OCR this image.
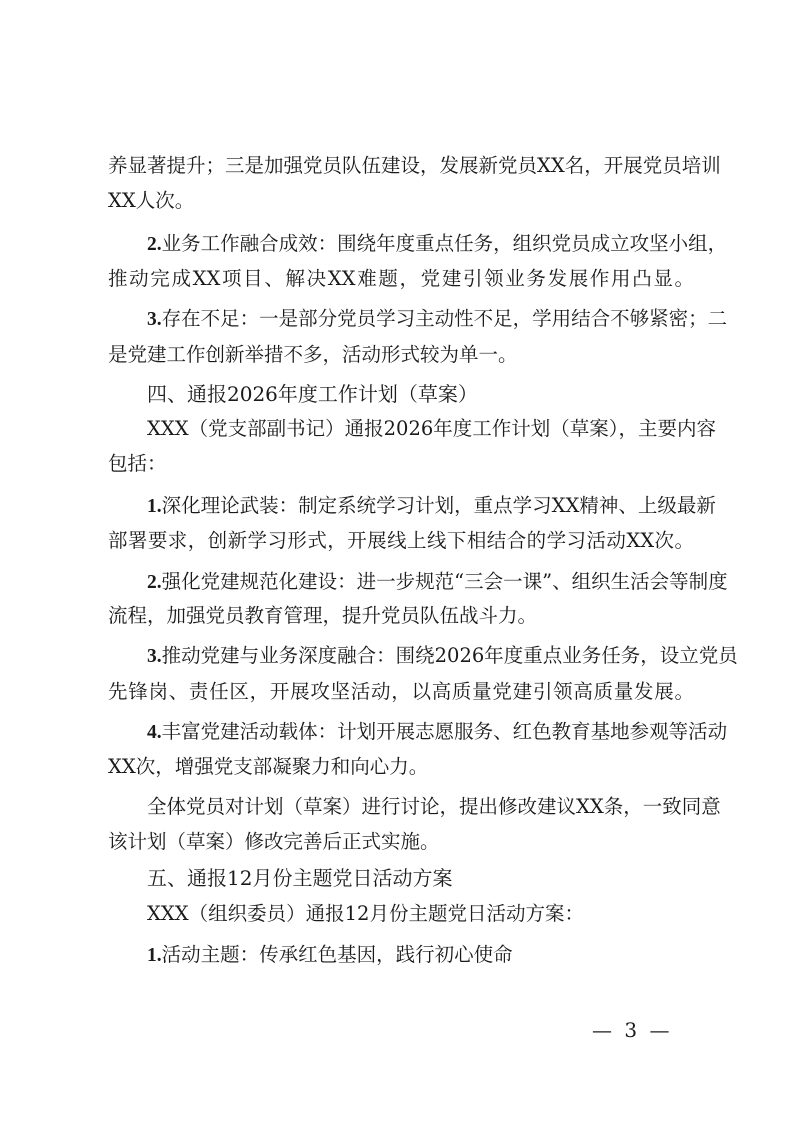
养显著提升；三是加强党员队伍建设，发展新党员XX名，开展党员培训

XX人次。

2.业务工作融合成效：围绕年度重点任务，组织党员成立攻坚小组，

推动完成XX项目、解决XX难题，党建引领业务发展作用凸显。

3.存在不足：一是部分党员学习主动性不足，学用结合不够紧密；二

是党建工作创新举措不多，活动形式较为单一。

四、通报2026年度工作计划（草案）

XXX（党支部副书记）通报2026年度工作计划（草案），主要内容

包括：

1.深化理论武装：制定系统学习计划，重点学习XX精神、上级最新

部署要求，创新学习形式，开展线上线下相结合的学习活动XX次。

2.强化党建规范化建设：进一步规范“三会一课”、组织生活会等制度

流程，加强党员教育管理，提升党员队伍战斗力。

3.推动党建与业务深度融合：围绕2026年度重点业务任务，设立党员

先锋岗、责任区，开展攻坚活动，以高质量党建引领高质量发展。

4.丰富党建活动载体：计划开展志愿服务、红色教育基地参观等活动

XX次，增强党支部凝聚力和向心力。

全体党员对计划（草案）进行讨论，提出修改建议XX条，一致同意

该计划（草案）修改完善后正式实施。

五、通报12月份主题党日活动方案

XXX（组织委员）通报12月份主题党日活动方案：

1.活动主题：传承红色基因，践行初心使命

— 3 —
